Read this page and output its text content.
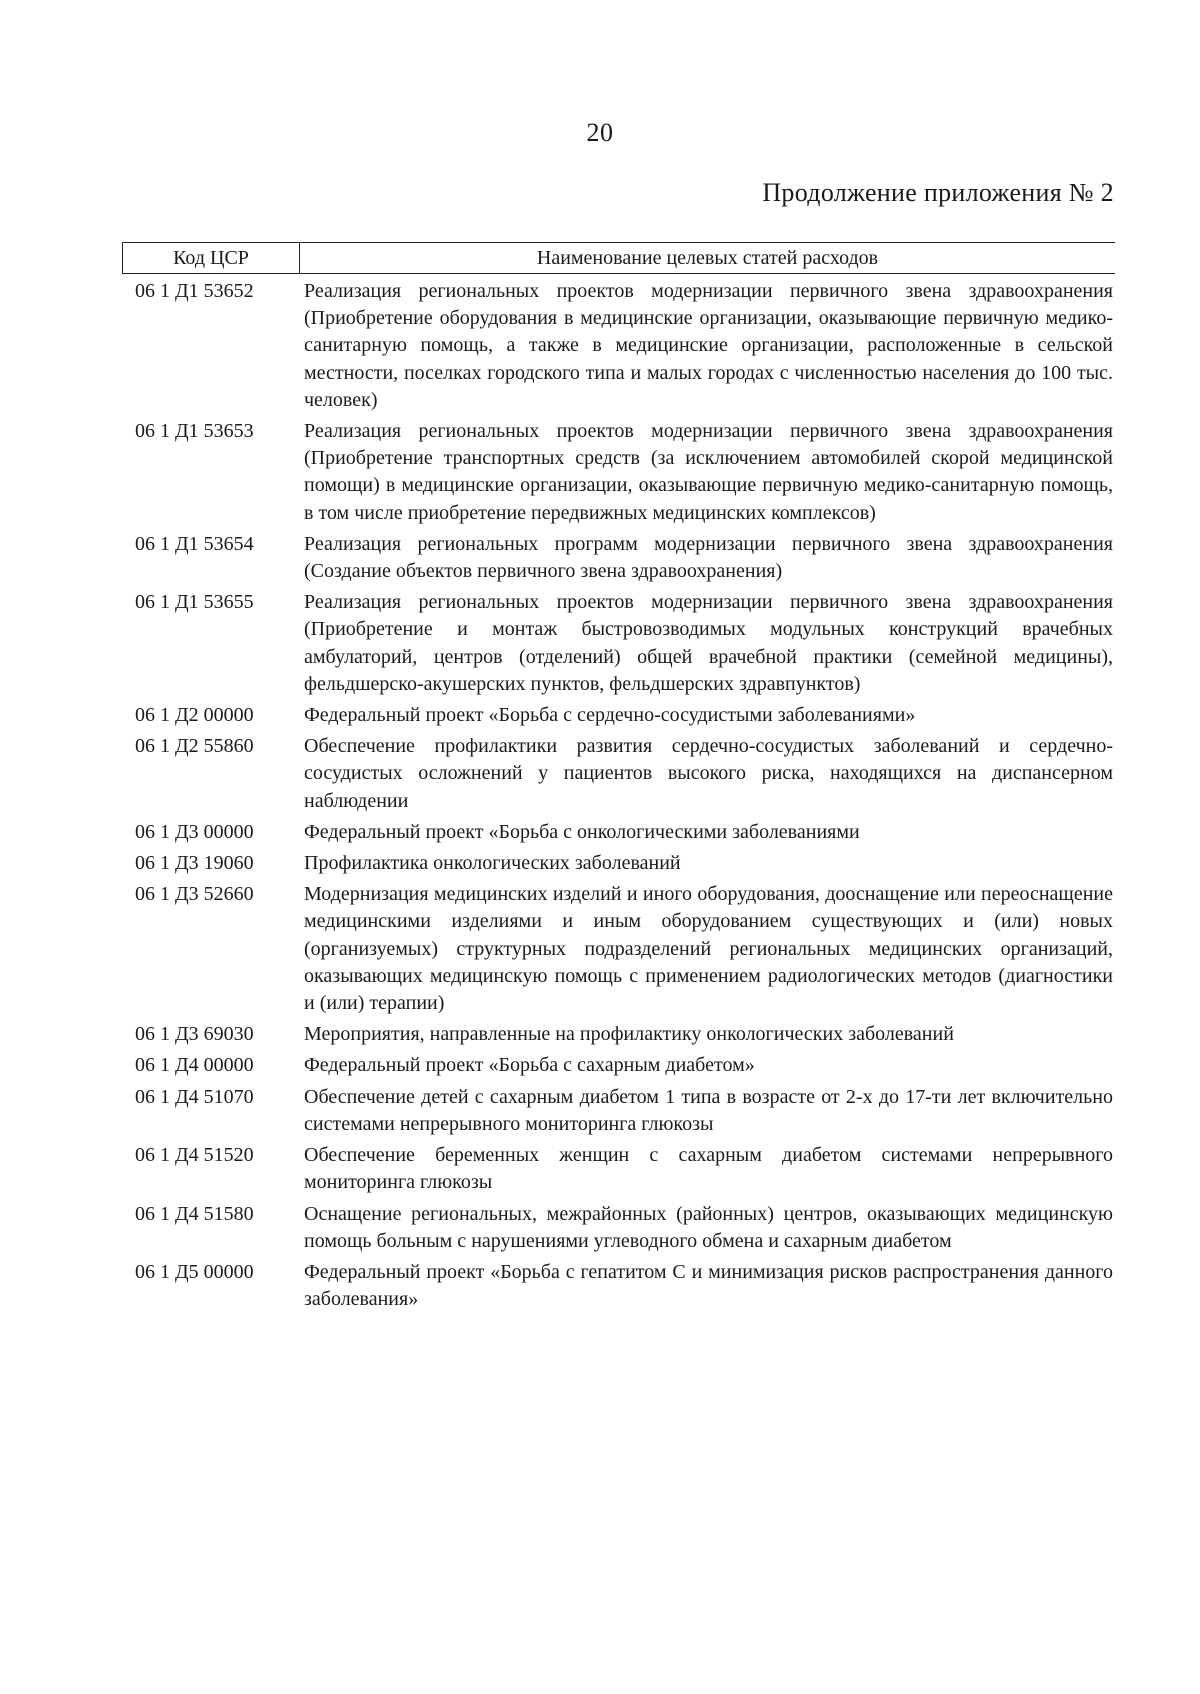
20
Продолжение приложения № 2
Код ЦСР	Наименование целевых статей расходов
06 1 Д1 53652	Реализация региональных проектов модернизации первичного звена здравоохранения (Приобретение оборудования в медицинские организации, оказывающие первичную медико-санитарную помощь, а также в медицинские организации, расположенные в сельской местности, поселках городского типа и малых городах с численностью населения до 100 тыс. человек)
06 1 Д1 53653	Реализация региональных проектов модернизации первичного звена здравоохранения (Приобретение транспортных средств (за исключением автомобилей скорой медицинской помощи) в медицинские организации, оказывающие первичную медико-санитарную помощь, в том числе приобретение передвижных медицинских комплексов)
06 1 Д1 53654	Реализация региональных программ модернизации первичного звена здравоохранения (Создание объектов первичного звена здравоохранения)
06 1 Д1 53655	Реализация региональных проектов модернизации первичного звена здравоохранения (Приобретение и монтаж быстровозводимых модульных конструкций врачебных амбулаторий, центров (отделений) общей врачебной практики (семейной медицины), фельдшерско-акушерских пунктов, фельдшерских здравпунктов)
06 1 Д2 00000	Федеральный проект «Борьба с сердечно-сосудистыми заболеваниями»
06 1 Д2 55860	Обеспечение профилактики развития сердечно-сосудистых заболеваний и сердечно-сосудистых осложнений у пациентов высокого риска, находящихся на диспансерном наблюдении
06 1 Д3 00000	Федеральный проект «Борьба с онкологическими заболеваниями
06 1 Д3 19060	Профилактика онкологических заболеваний
06 1 Д3 52660	Модернизация медицинских изделий и иного оборудования, дооснащение или переоснащение медицинскими изделиями и иным оборудованием существующих и (или) новых (организуемых) структурных подразделений региональных медицинских организаций, оказывающих медицинскую помощь с применением радиологических методов (диагностики и (или) терапии)
06 1 Д3 69030	Мероприятия, направленные на профилактику онкологических заболеваний
06 1 Д4 00000	Федеральный проект «Борьба с сахарным диабетом»
06 1 Д4 51070	Обеспечение детей с сахарным диабетом 1 типа в возрасте от 2-х до 17-ти лет включительно системами непрерывного мониторинга глюкозы
06 1 Д4 51520	Обеспечение беременных женщин с сахарным диабетом системами непрерывного мониторинга глюкозы
06 1 Д4 51580	Оснащение региональных, межрайонных (районных) центров, оказывающих медицинскую помощь больным с нарушениями углеводного обмена и сахарным диабетом
06 1 Д5 00000	Федеральный проект «Борьба с гепатитом С и минимизация рисков распространения данного заболевания»
